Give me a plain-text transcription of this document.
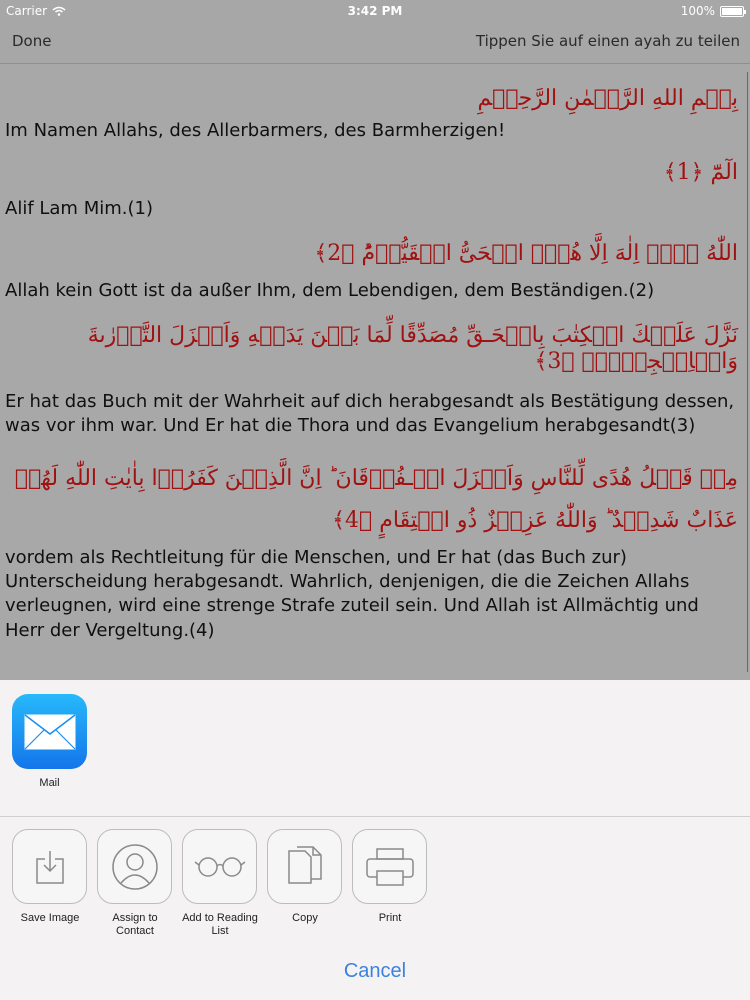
Carrier	3:42 PM	100%
Done	Tippen Sie auf einen ayah zu teilen
بِسۡمِ اللهِ الرَّحۡمٰنِ الرَّحِيۡمِ
Im Namen Allahs, des Allerbarmers, des Barmherzigen!
الٓمّٓ ﴿1﴾
Alif Lam Mim.(1)
اللّٰهُ لَاۤ اِلٰهَ اِلَّا هُوَۙ الۡحَىُّ الۡقَيُّوۡمُؕ ﴿2﴾
Allah kein Gott ist da außer Ihm, dem Lebendigen, dem Beständigen.(2)
نَزَّلَ عَلَيۡكَ الۡكِتٰبَ بِالۡحَـقِّ مُصَدِّقًا لِّمَا بَيۡنَ يَدَيۡهِ وَاَنۡزَلَ التَّوۡرٰٮةَ وَالۡاِنۡجِيۡلَۙ ﴿3﴾
Er hat das Buch mit der Wahrheit auf dich herabgesandt als Bestätigung dessen, was vor ihm war. Und Er hat die Thora und das Evangelium herabgesandt(3)
مِنۡ قَبۡلُ هُدًى لِّلنَّاسِ وَاَنۡزَلَ الۡـفُرۡقَانَ ؕ اِنَّ الَّذِيۡنَ كَفَرُوۡا بِاٰيٰتِ اللّٰهِ لَهُمۡ عَذَابٌ شَدِيۡدٌ ؕ وَاللّٰهُ عَزِيۡزٌ ذُو انۡتِقَامٍ ﴿4﴾
vordem als Rechtleitung für die Menschen, und Er hat (das Buch zur) Unterscheidung herabgesandt. Wahrlich, denjenigen, die die Zeichen Allahs verleugnen, wird eine strenge Strafe zuteil sein. Und Allah ist Allmächtig und Herr der Vergeltung.(4)
Mail
Save Image	Assign to Contact
Add to Reading List
Copy	Print
Cancel
